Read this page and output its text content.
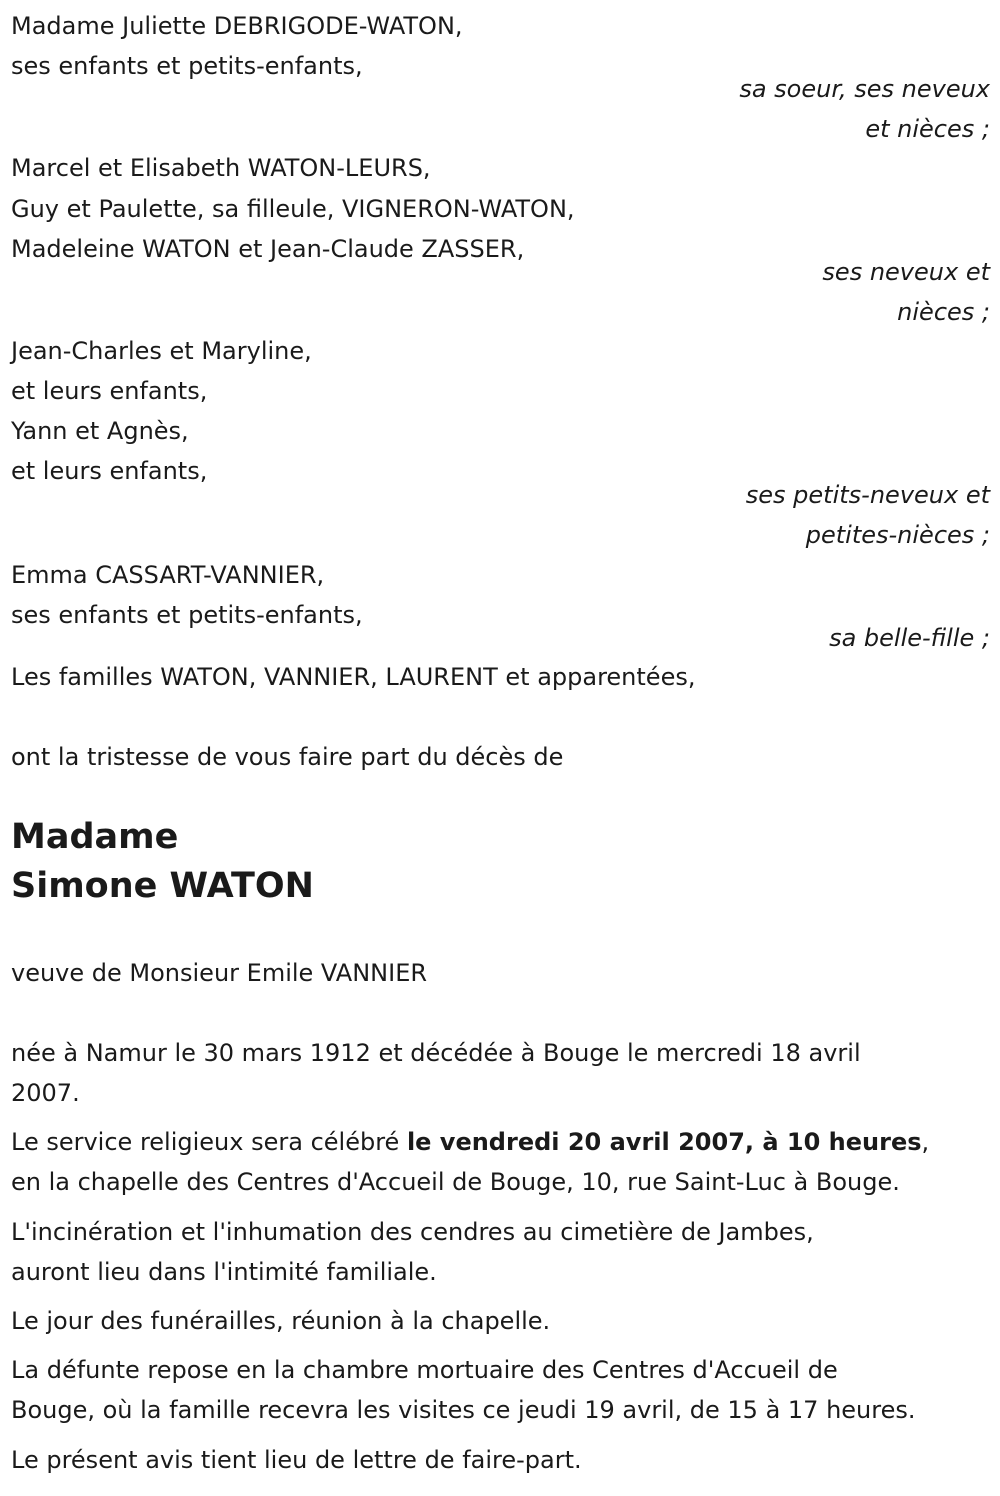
Madame Juliette DEBRIGODE-WATON,
ses enfants et petits-enfants,
sa soeur, ses neveux
et nièces ;
Marcel et Elisabeth WATON-LEURS,
Guy et Paulette, sa filleule, VIGNERON-WATON,
Madeleine WATON et Jean-Claude ZASSER,
ses neveux et
nièces ;
Jean-Charles et Maryline,
et leurs enfants,
Yann et Agnès,
et leurs enfants,
ses petits-neveux et
petites-nièces ;
Emma CASSART-VANNIER,
ses enfants et petits-enfants,
sa belle-fille ;
Les familles WATON, VANNIER, LAURENT et apparentées,
ont la tristesse de vous faire part du décès de
Madame
Simone WATON
veuve de Monsieur Emile VANNIER
née à Namur le 30 mars 1912 et décédée à Bouge le mercredi 18 avril
2007.
Le service religieux sera célébré le vendredi 20 avril 2007, à 10 heures,
en la chapelle des Centres d'Accueil de Bouge, 10, rue Saint-Luc à Bouge.
L'incinération et l'inhumation des cendres au cimetière de Jambes,
auront lieu dans l'intimité familiale.
Le jour des funérailles, réunion à la chapelle.
La défunte repose en la chambre mortuaire des Centres d'Accueil de
Bouge, où la famille recevra les visites ce jeudi 19 avril, de 15 à 17 heures.
Le présent avis tient lieu de lettre de faire-part.
